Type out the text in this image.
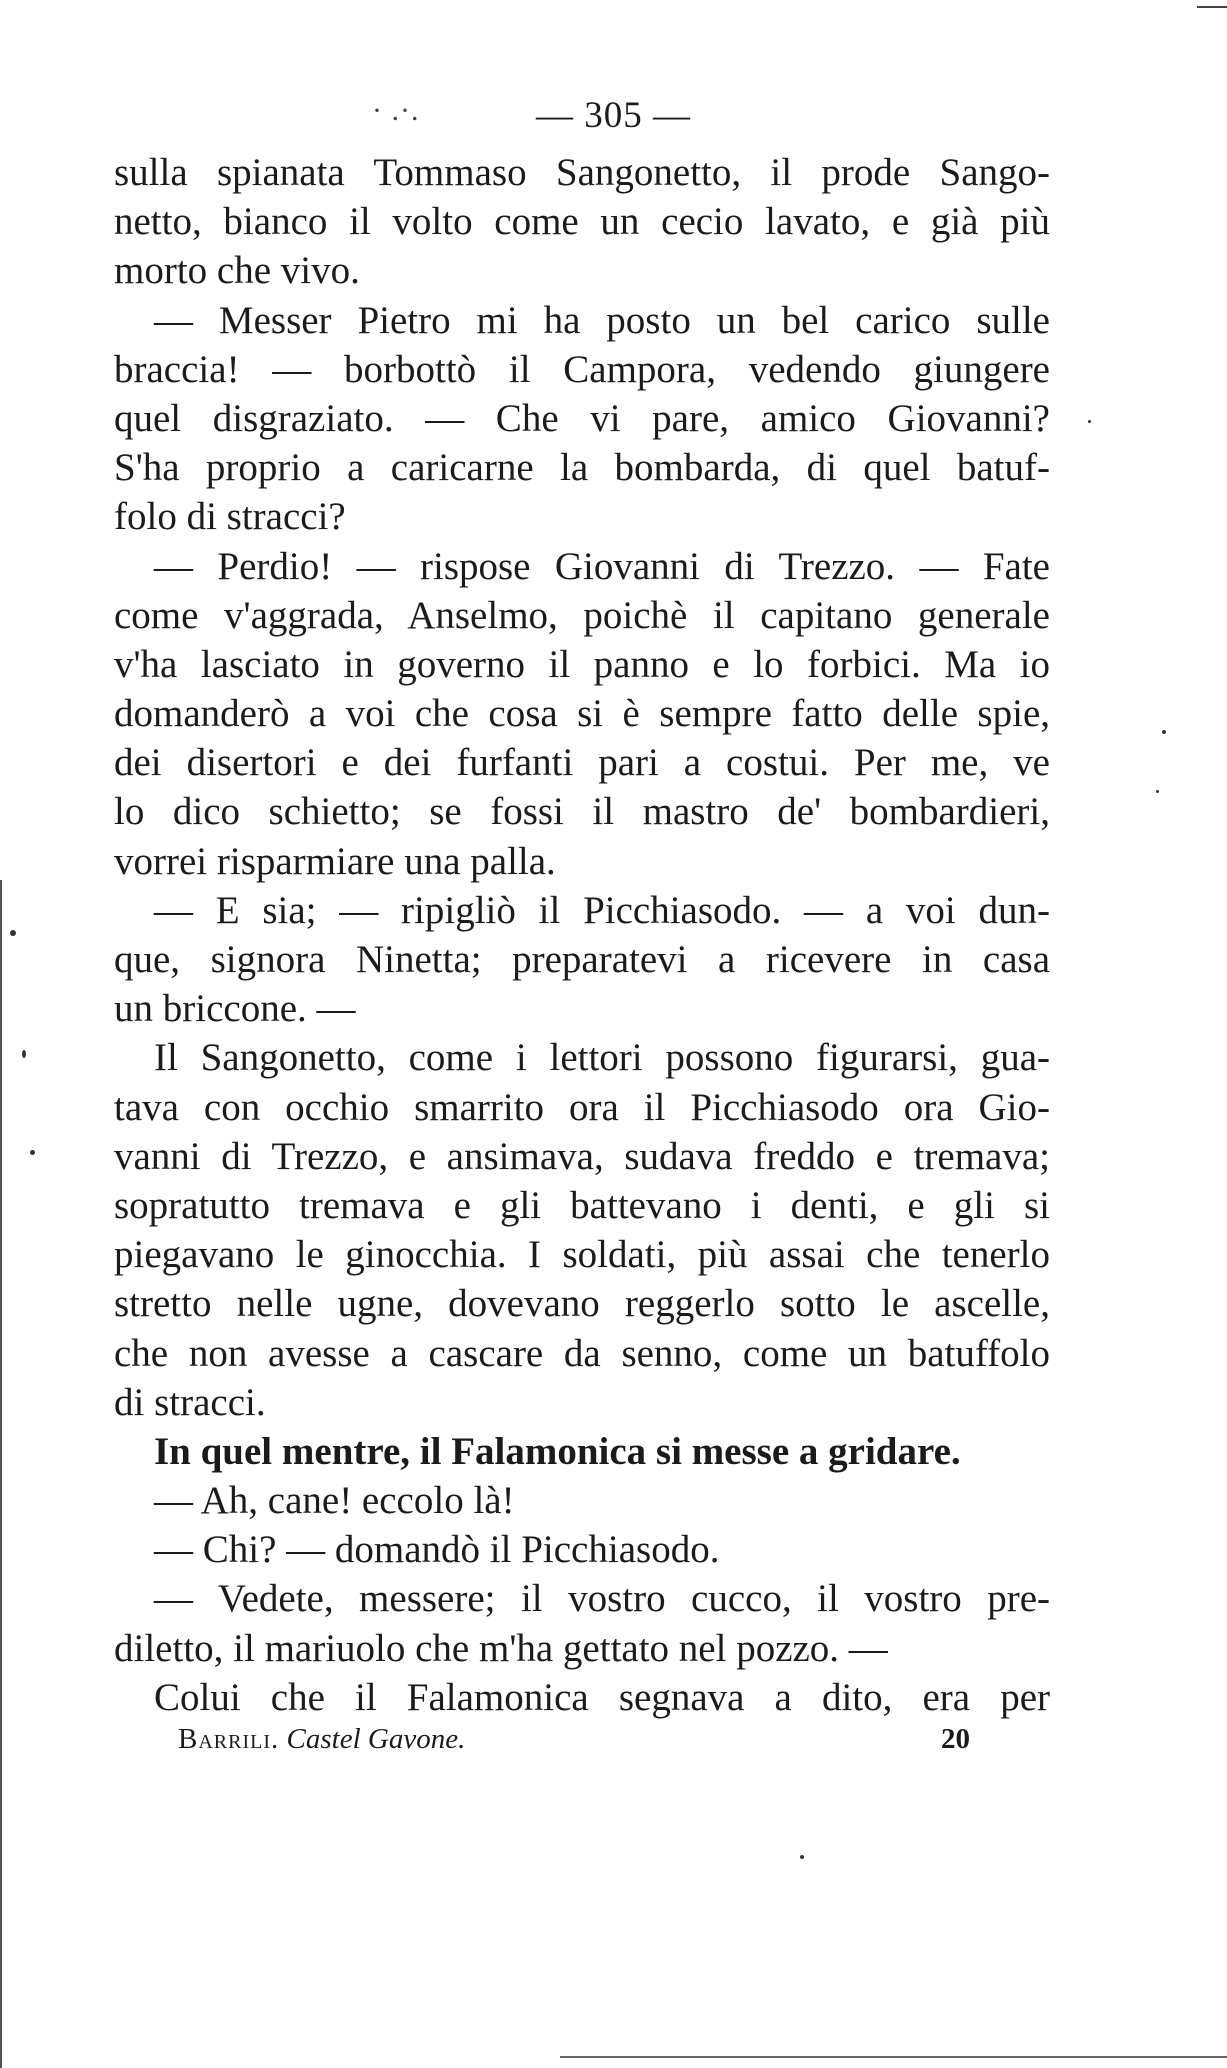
· .·.	— 305 —
sulla spianata Tommaso Sangonetto, il prode Sango-
netto, bianco il volto come un cecio lavato, e già più
morto che vivo.
— Messer Pietro mi ha posto un bel carico sulle
braccia! — borbottò il Campora, vedendo giungere
quel disgraziato. — Che vi pare, amico Giovanni?
S'ha proprio a caricarne la bombarda, di quel batuf-
folo di stracci?
— Perdio! — rispose Giovanni di Trezzo. — Fate
come v'aggrada, Anselmo, poichè il capitano generale
v'ha lasciato in governo il panno e lo forbici. Ma io
domanderò a voi che cosa si è sempre fatto delle spie,
dei disertori e dei furfanti pari a costui. Per me, ve
lo dico schietto; se fossi il mastro de' bombardieri,
vorrei risparmiare una palla.
— E sia; — ripigliò il Picchiasodo. — a voi dun-
que, signora Ninetta; preparatevi a ricevere in casa
un briccone. —
Il Sangonetto, come i lettori possono figurarsi, gua-
tava con occhio smarrito ora il Picchiasodo ora Gio-
vanni di Trezzo, e ansimava, sudava freddo e tremava;
sopratutto tremava e gli battevano i denti, e gli si
piegavano le ginocchia. I soldati, più assai che tenerlo
stretto nelle ugne, dovevano reggerlo sotto le ascelle,
che non avesse a cascare da senno, come un batuffolo
di stracci.
In quel mentre, il Falamonica si messe a gridare.
— Ah, cane! eccolo là!
— Chi? — domandò il Picchiasodo.
— Vedete, messere; il vostro cucco, il vostro pre-
diletto, il mariuolo che m'ha gettato nel pozzo. —
Colui che il Falamonica segnava a dito, era per
Barrili. Castel Gavone.	20
